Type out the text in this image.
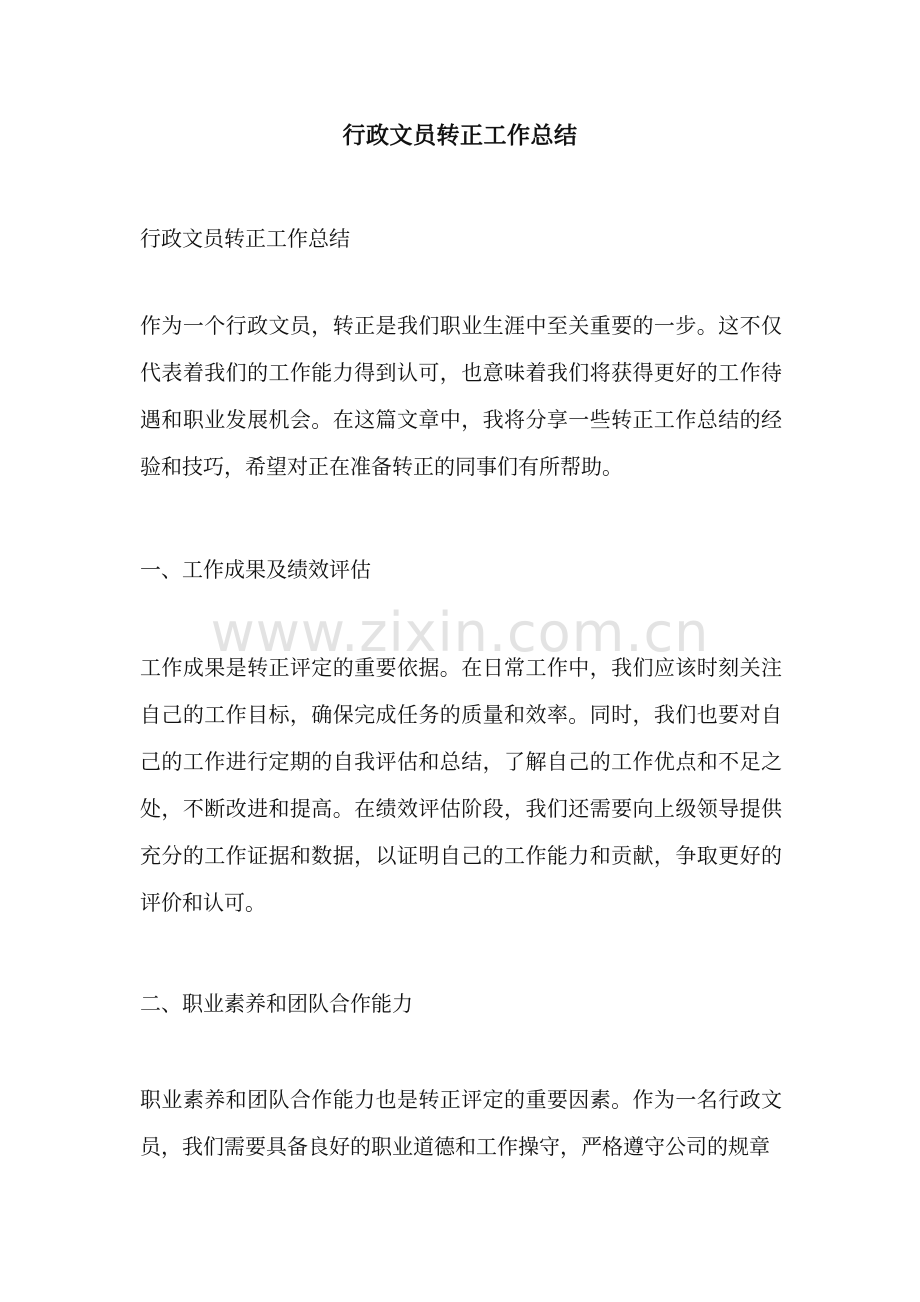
行政文员转正工作总结
行政文员转正工作总结
作为一个行政文员，转正是我们职业生涯中至关重要的一步。这不仅代表着我们的工作能力得到认可，也意味着我们将获得更好的工作待遇和职业发展机会。在这篇文章中，我将分享一些转正工作总结的经验和技巧，希望对正在准备转正的同事们有所帮助。
一、工作成果及绩效评估
www.zixin.com.cn
工作成果是转正评定的重要依据。在日常工作中，我们应该时刻关注自己的工作目标，确保完成任务的质量和效率。同时，我们也要对自己的工作进行定期的自我评估和总结，了解自己的工作优点和不足之处，不断改进和提高。在绩效评估阶段，我们还需要向上级领导提供充分的工作证据和数据，以证明自己的工作能力和贡献，争取更好的评价和认可。
二、职业素养和团队合作能力
职业素养和团队合作能力也是转正评定的重要因素。作为一名行政文员，我们需要具备良好的职业道德和工作操守，严格遵守公司的规章
